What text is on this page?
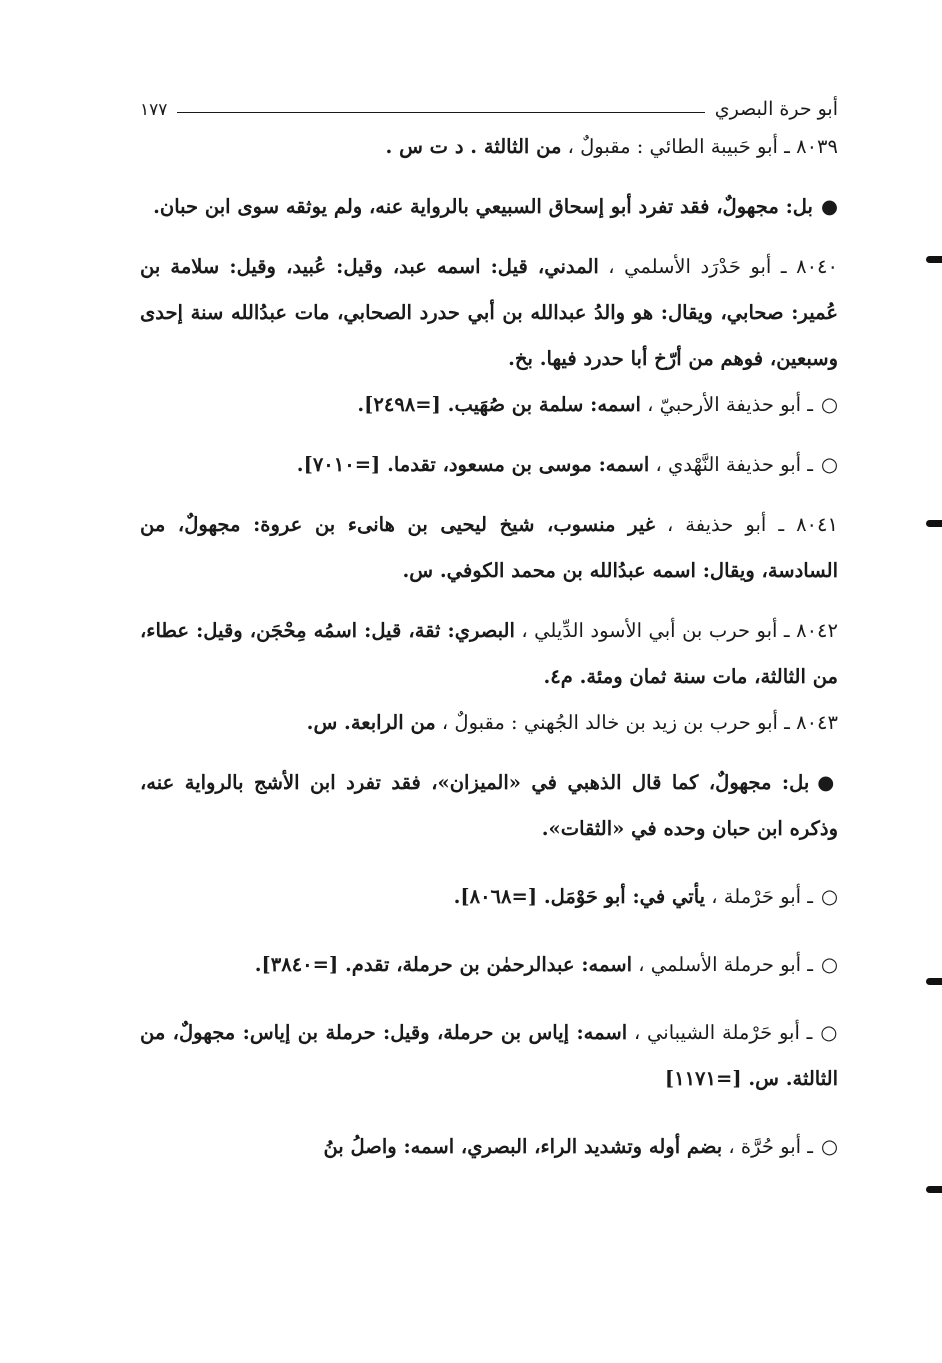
أبو حرة البصري
١٧٧

٨٠٣٩ ـ أبو حَبيبة الطائي : مقبولٌ ، من الثالثة . د ت س .

●بل: مجهولٌ، فقد تفرد أبو إسحاق السبيعي بالرواية عنه، ولم يوثقه سوى ابن حبان.

٨٠٤٠ ـ أبو حَدْرَد الأسلمي ، المدني، قيل: اسمه عبد، وقيل: عُبيد، وقيل: سلامة بن عُمير: صحابي، ويقال: هو والدُ عبدالله بن أبي حدرد الصحابي، مات عبدُالله سنة إحدى وسبعين، فوهم من أرّخ أبا حدرد فيها. بخ.

○ـ أبو حذيفة الأرحبيّ ، اسمه: سلمة بن صُهَيب. [=٢٤٩٨].

○ـ أبو حذيفة النَّهْدي ، اسمه: موسى بن مسعود، تقدما. [=٧٠١٠].

٨٠٤١ ـ أبو حذيفة ، غير منسوب، شيخ ليحيى بن هانىء بن عروة: مجهولٌ، من السادسة، ويقال: اسمه عبدُالله بن محمد الكوفي. س.

٨٠٤٢ ـ أبو حرب بن أبي الأسود الدِّيلي ، البصري: ثقة، قيل: اسمُه مِحْجَن، وقيل: عطاء، من الثالثة، مات سنة ثمان ومئة. م٤.

٨٠٤٣ ـ أبو حرب بن زيد بن خالد الجُهني : مقبولٌ ، من الرابعة. س.

●بل: مجهولٌ، كما قال الذهبي في «الميزان»، فقد تفرد ابن الأشج بالرواية عنه، وذكره ابن حبان وحده في «الثقات».

○ـ أبو حَرْملة ، يأتي في: أبو حَوْمَل. [=٨٠٦٨].

○ـ أبو حرملة الأسلمي ، اسمه: عبدالرحمٰن بن حرملة، تقدم. [=٣٨٤٠].

○ـ أبو حَرْملة الشيباني ، اسمه: إياس بن حرملة، وقيل: حرملة بن إياس: مجهولٌ، من الثالثة. س. [=١١٧١]

○ـ أبو حُرَّة ، بضم أوله وتشديد الراء، البصري، اسمه: واصلُ بنُ
